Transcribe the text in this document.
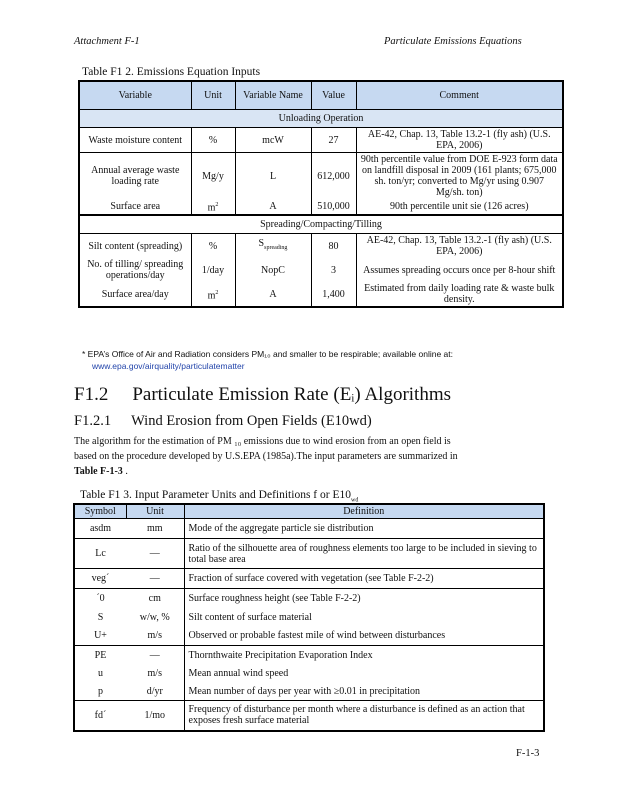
Attachment F-1	Particulate Emissions Equations
Table F1 2. Emissions Equation Inputs
Variable	Unit	Variable Name	Value	Comment
Unloading Operation				
Waste moisture content	%	mcW	27	AE-42, Chap. 13, Table 13.2-1 (fly ash) (U.S. EPA, 2006)
Annual average waste loading rate	Mg/y	L	612,000	90th percentile value from DOE E-923 form data on landfill disposal in 2009 (161 plants; 675,000 sh. ton/yr; converted to Mg/yr using 0.907 Mg/sh. ton)
Surface area	$m^2$	A	510,000	90th percentile unit sie (126 acres)
Spreading/Compacting/Tilling				
Silt content (spreading)	%	$S_{spreading}$	80	AE-42, Chap. 13, Table 13.2.-1 (fly ash) (U.S. EPA, 2006)
No. of tilling/ spreading operations/day	1/day	NopC	3	Assumes spreading occurs once per 8-hour shift
Surface area/day	$m^2$	A	1,400	Estimated from daily loading rate & waste bulk density.
* EPA’s Office of Air and Radiation considers PM₁₀ and smaller to be respirable; available online at:
www.epa.gov/airquality/particulatematter
F1.2 Particulate Emission Rate (Eᵢ) Algorithms
F1.2.1 Wind Erosion from Open Fields (E10wd)
The algorithm for the estimation of PM ₁₀ emissions due to wind erosion from an open field is
based on the procedure developed by U.S.EPA (1985a).The input parameters are summarized in
Table F-1-3 .
Table F1 3. Input Parameter Units and Definitions f or $E10_{wd}$
Symbol	Unit	Definition
asdm	mm	Mode of the aggregate particle sie distribution
Lc	—	Ratio of the silhouette area of roughness elements too large to be included in sieving to total base area
veg´	—	Fraction of surface covered with vegetation (see Table F-2-2)
´0	cm	Surface roughness height (see Table F-2-2)
S	w/w, %	Silt content of surface material
U+	m/s	Observed or probable fastest mile of wind between disturbances
PE	—	Thornthwaite Precipitation Evaporation Index
u	m/s	Mean annual wind speed
p	d/yr	Mean number of days per year with ≥0.01 in precipitation
fd´	1/mo	Frequency of disturbance per month where a disturbance is defined as an action that exposes fresh surface material
F-1-3
